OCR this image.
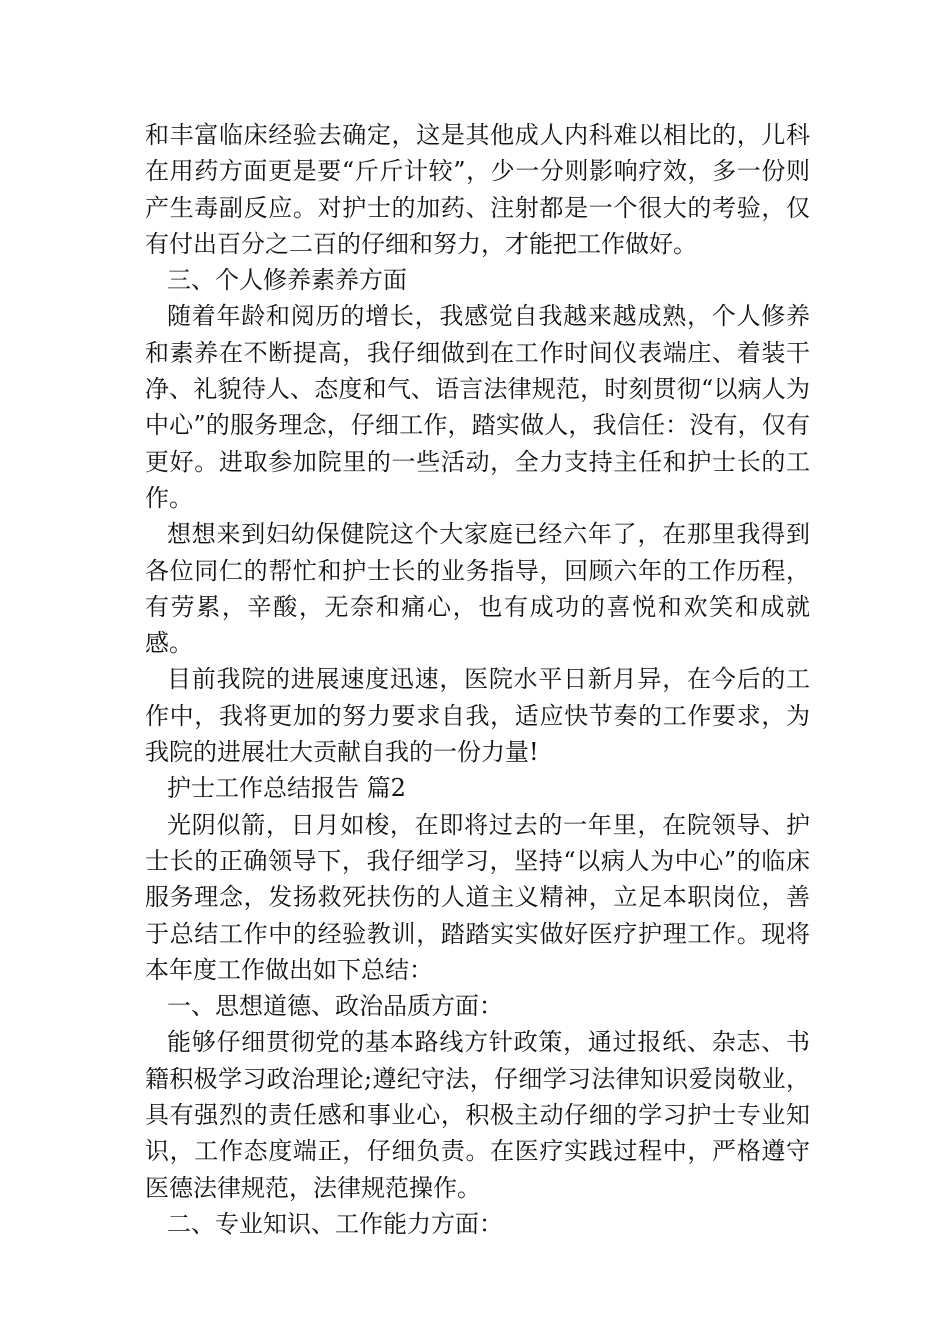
和丰富临床经验去确定，这是其他成人内科难以相比的，儿科在用药方面更是要“斤斤计较”，少一分则影响疗效，多一份则产生毒副反应。对护士的加药、注射都是一个很大的考验，仅有付出百分之二百的仔细和努力，才能把工作做好。

三、个人修养素养方面

随着年龄和阅历的增长，我感觉自我越来越成熟，个人修养和素养在不断提高，我仔细做到在工作时间仪表端庄、着装干净、礼貌待人、态度和气、语言法律规范，时刻贯彻“以病人为中心”的服务理念，仔细工作，踏实做人，我信任：没有，仅有更好。进取参加院里的一些活动，全力支持主任和护士长的工作。

想想来到妇幼保健院这个大家庭已经六年了，在那里我得到各位同仁的帮忙和护士长的业务指导，回顾六年的工作历程，有劳累，辛酸，无奈和痛心，也有成功的喜悦和欢笑和成就感。

目前我院的进展速度迅速，医院水平日新月异，在今后的工作中，我将更加的努力要求自我，适应快节奏的工作要求，为我院的进展壮大贡献自我的一份力量!

护士工作总结报告 篇2

光阴似箭，日月如梭，在即将过去的一年里，在院领导、护士长的正确领导下，我仔细学习，坚持“以病人为中心”的临床服务理念，发扬救死扶伤的人道主义精神，立足本职岗位，善于总结工作中的经验教训，踏踏实实做好医疗护理工作。现将本年度工作做出如下总结：

一、思想道德、政治品质方面：

能够仔细贯彻党的基本路线方针政策，通过报纸、杂志、书籍积极学习政治理论;遵纪守法，仔细学习法律知识爱岗敬业，具有强烈的责任感和事业心，积极主动仔细的学习护士专业知识，工作态度端正，仔细负责。在医疗实践过程中，严格遵守医德法律规范，法律规范操作。

二、专业知识、工作能力方面：
